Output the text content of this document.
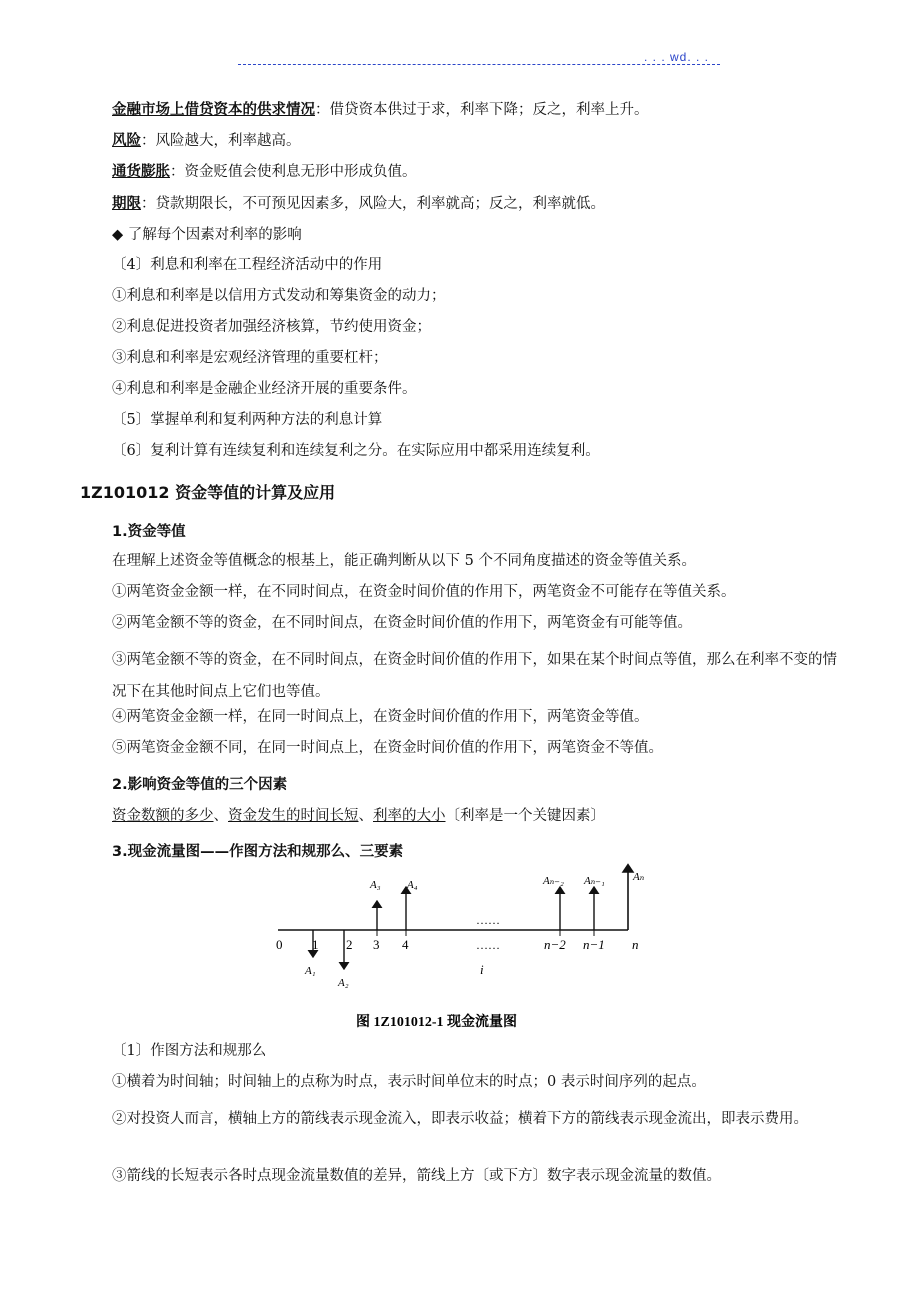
. . . wd. . .
金融市场上借贷资本的供求情况：借贷资本供过于求，利率下降；反之，利率上升。
风险：风险越大，利率越高。
通货膨胀：资金贬值会使利息无形中形成负值。
期限：贷款期限长，不可预见因素多，风险大，利率就高；反之，利率就低。
◆ 了解每个因素对利率的影响
〔4〕利息和利率在工程经济活动中的作用
①利息和利率是以信用方式发动和筹集资金的动力；
②利息促进投资者加强经济核算，节约使用资金；
③利息和利率是宏观经济管理的重要杠杆；
④利息和利率是金融企业经济开展的重要条件。
〔5〕掌握单利和复利两种方法的利息计算
〔6〕复利计算有连续复利和连续复利之分。在实际应用中都采用连续复利。
1Z101012 资金等值的计算及应用
1.资金等值
在理解上述资金等值概念的根基上，能正确判断从以下 5 个不同角度描述的资金等值关系。
①两笔资金金额一样，在不同时间点，在资金时间价值的作用下，两笔资金不可能存在等值关系。
②两笔金额不等的资金，在不同时间点，在资金时间价值的作用下，两笔资金有可能等值。
③两笔金额不等的资金，在不同时间点，在资金时间价值的作用下，如果在某个时间点等值，那么在利率不变的情况下在其他时间点上它们也等值。
④两笔资金金额一样，在同一时间点上，在资金时间价值的作用下，两笔资金等值。
⑤两笔资金金额不同，在同一时间点上，在资金时间价值的作用下，两笔资金不等值。
2.影响资金等值的三个因素
资金数额的多少、资金发生的时间长短、利率的大小〔利率是一个关键因素〕
3.现金流量图——作图方法和规那么、三要素
0 1 2 3 4	n−2 n−1 n
A₃ A₄	Aₙ₋₂ Aₙ₋₁	Aₙ
A₁
A₂
……
……
i
图 1Z101012-1 现金流量图
〔1〕作图方法和规那么
①横着为时间轴；时间轴上的点称为时点，表示时间单位末的时点；0 表示时间序列的起点。
②对投资人而言，横轴上方的箭线表示现金流入，即表示收益；横着下方的箭线表示现金流出，即表示费用。
③箭线的长短表示各时点现金流量数值的差异，箭线上方〔或下方〕数字表示现金流量的数值。
